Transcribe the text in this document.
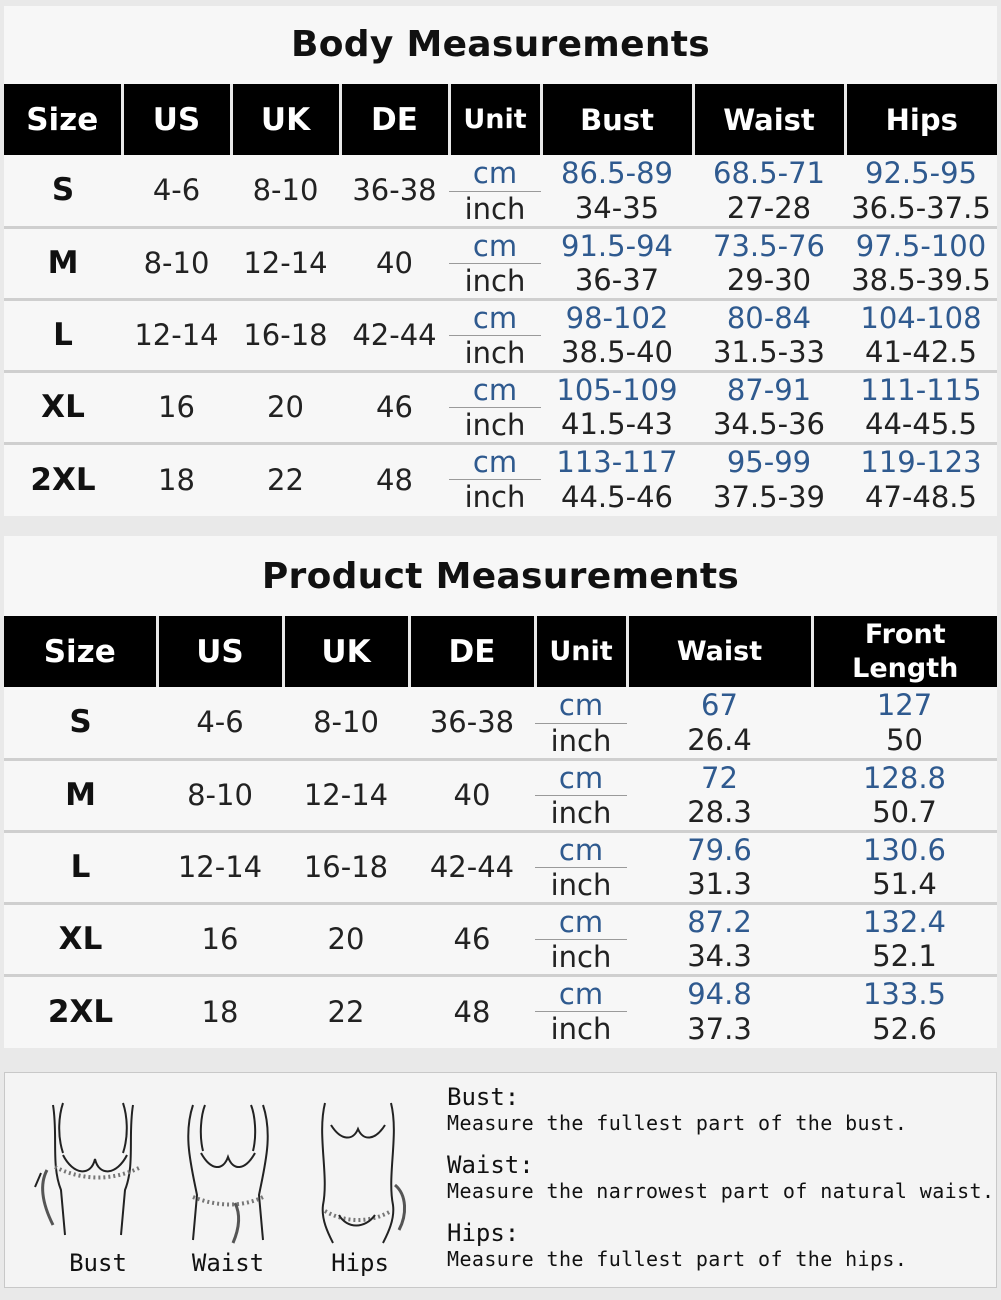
Body Measurements
Size	US	UK	DE	Unit	Bust	Waist	Hips
S	4-6	8-10	36-38	cm	86.5-89	68.5-71	92.5-95
				inch	34-35	27-28	36.5-37.5
M	8-10	12-14	40	cm	91.5-94	73.5-76	97.5-100
				inch	36-37	29-30	38.5-39.5
L	12-14	16-18	42-44	cm	98-102	80-84	104-108
				inch	38.5-40	31.5-33	41-42.5
XL	16	20	46	cm	105-109	87-91	111-115
				inch	41.5-43	34.5-36	44-45.5
2XL	18	22	48	cm	113-117	95-99	119-123
				inch	44.5-46	37.5-39	47-48.5
Product Measurements
Size	US	UK	DE	Unit	Waist	Front Length
S	4-6	8-10	36-38	cm	67	127
				inch	26.4	50
M	8-10	12-14	40	cm	72	128.8
				inch	28.3	50.7
L	12-14	16-18	42-44	cm	79.6	130.6
				inch	31.3	51.4
XL	16	20	46	cm	87.2	132.4
				inch	34.3	52.1
2XL	18	22	48	cm	94.8	133.5
				inch	37.3	52.6
Bust	Waist	Hips
Bust:
Measure the fullest part of the bust.
Waist:
Measure the narrowest part of natural waist.
Hips:
Measure the fullest part of the hips.
